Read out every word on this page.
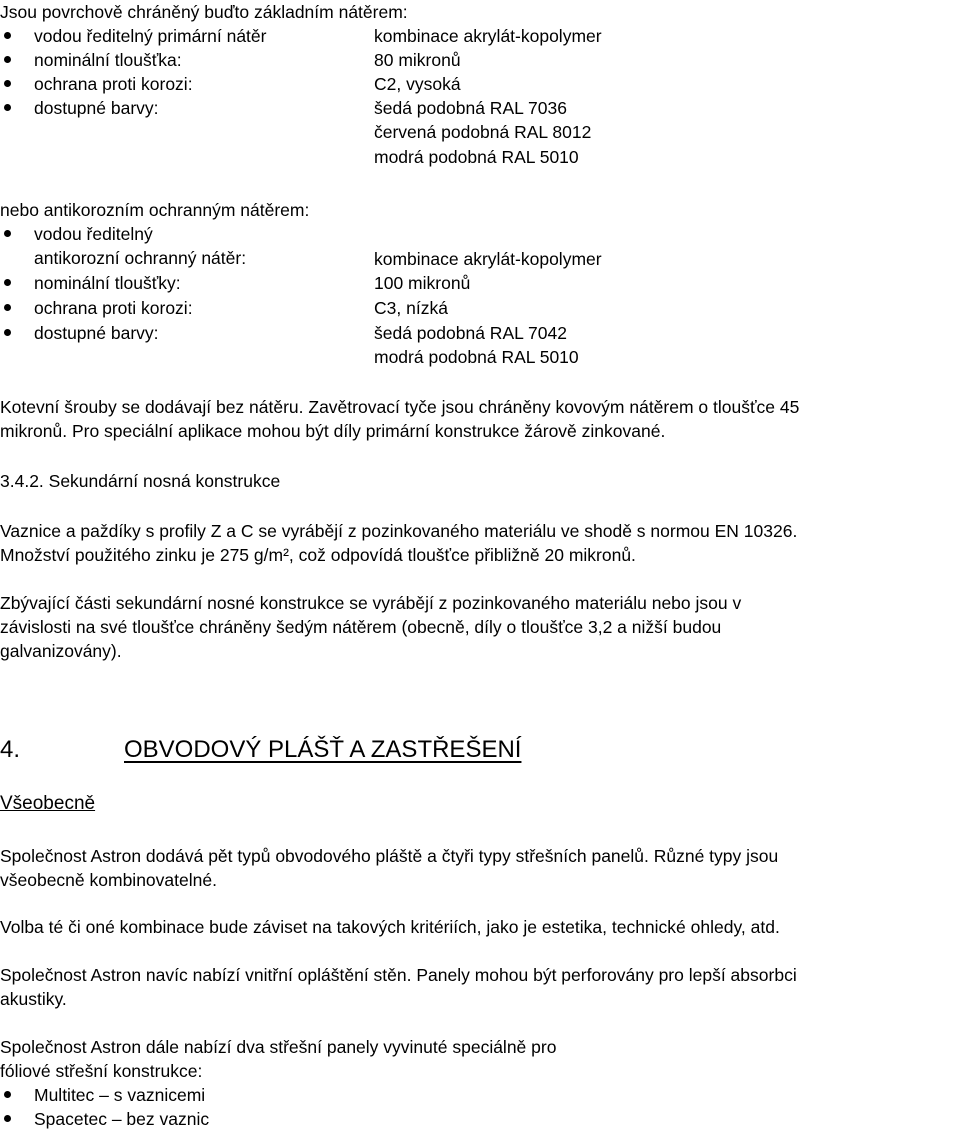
Jsou povrchově chráněný buďto základním nátěrem:
vodou ředitelný primární nátěr	kombinace akrylát-kopolymer
nominální tloušťka:	80 mikronů
ochrana proti korozi:	C2, vysoká
dostupné barvy:	šedá podobná RAL 7036
červená podobná RAL 8012
modrá podobná RAL 5010
nebo antikorozním ochranným nátěrem:
vodou ředitelný
antikorozní ochranný nátěr:	kombinace akrylát-kopolymer
nominální tloušťky:	100 mikronů
ochrana proti korozi:	C3, nízká
dostupné barvy:	šedá podobná RAL 7042
modrá podobná RAL 5010
Kotevní šrouby se dodávají bez nátěru. Zavětrovací tyče jsou chráněny kovovým nátěrem o tloušťce 45
mikronů. Pro speciální aplikace mohou být díly primární konstrukce žárově zinkované.
3.4.2. Sekundární nosná konstrukce
Vaznice a paždíky s profily Z a C se vyrábějí z pozinkovaného materiálu ve shodě s normou EN 10326.
Množství použitého zinku je 275 g/m², což odpovídá tloušťce přibližně 20 mikronů.
Zbývající části sekundární nosné konstrukce se vyrábějí z pozinkovaného materiálu nebo jsou v
závislosti na své tloušťce chráněny šedým nátěrem (obecně, díly o tloušťce 3,2 a nižší budou
galvanizovány).
4.	OBVODOVÝ PLÁŠŤ A ZASTŘEŠENÍ
Všeobecně
Společnost Astron dodává pět typů obvodového pláště a čtyři typy střešních panelů. Různé typy jsou
všeobecně kombinovatelné.
Volba té či oné kombinace bude záviset na takových kritériích, jako je estetika, technické ohledy, atd.
Společnost Astron navíc nabízí vnitřní opláštění stěn. Panely mohou být perforovány pro lepší absorbci
akustiky.
Společnost Astron dále nabízí dva střešní panely vyvinuté speciálně pro
fóliové střešní konstrukce:
Multitec – s vaznicemi
Spacetec – bez vaznic
